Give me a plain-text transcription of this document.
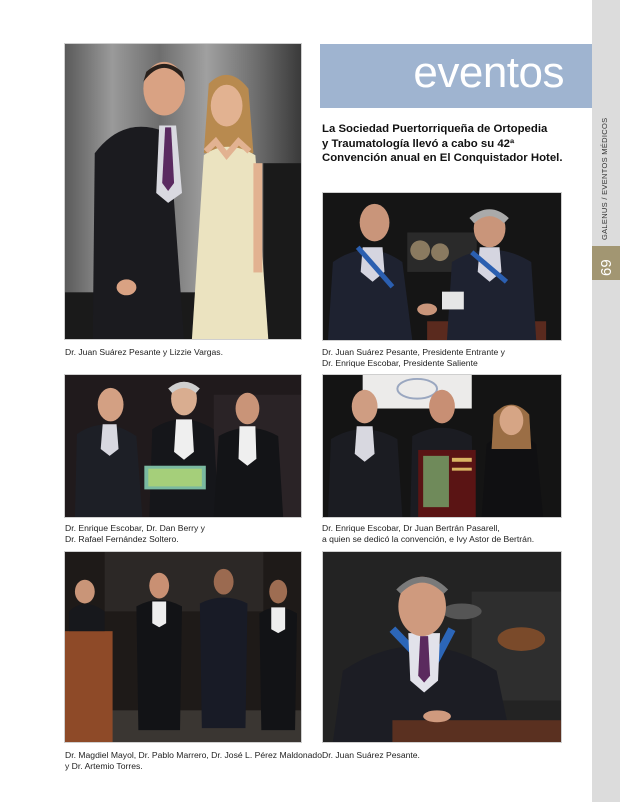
GALENUS / EVENTOS MÉDICOS
69
eventos
La Sociedad Puertorriqueña de Ortopedia
y Traumatología llevó a cabo su 42ª
Convención anual en El Conquistador Hotel.
Dr. Juan Suárez Pesante y Lizzie Vargas.	Dr. Juan Suárez Pesante, Presidente Entrante y
Dr. Enrique Escobar, Presidente Saliente
Dr. Enrique Escobar, Dr. Dan Berry y
Dr. Rafael Fernández Soltero.
Dr. Enrique Escobar, Dr Juan Bertrán Pasarell,
a quien se dedicó la convención, e Ivy Astor de Bertrán.
Dr. Magdiel Mayol, Dr. Pablo Marrero, Dr. José L. Pérez Maldonado
y Dr. Artemio Torres.
Dr. Juan Suárez Pesante.
